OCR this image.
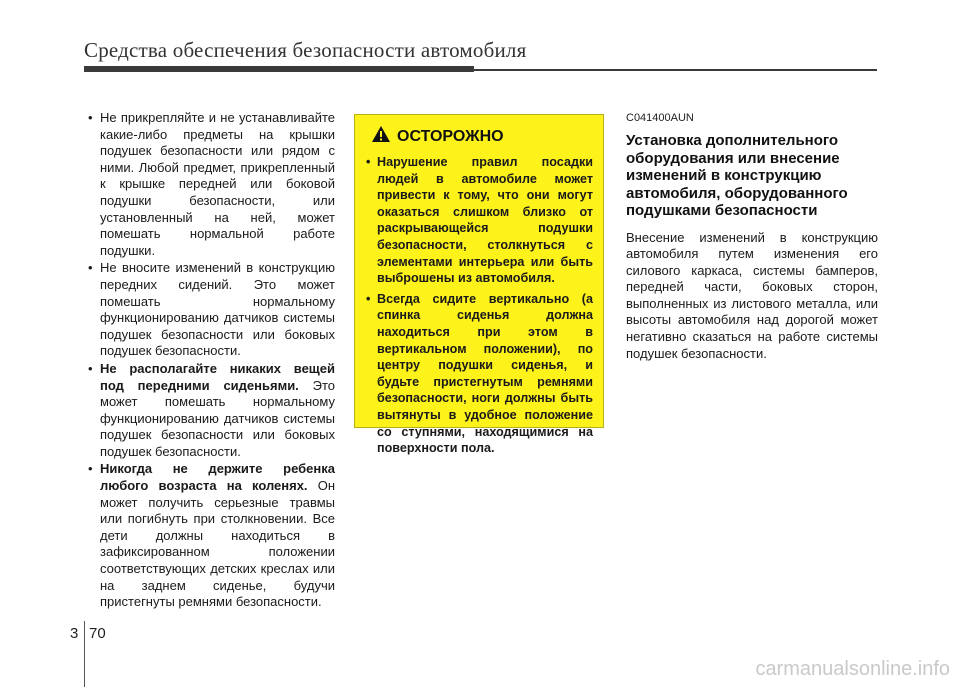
Средства обеспечения безопасности автомобиля

• Не прикрепляйте и не устанавливайте какие-либо предметы на крышки подушек безопасности или рядом с ними. Любой предмет, прикрепленный к крышке передней или боковой подушки безопасности, или установленный на ней, может помешать нормальной работе подушки.

• Не вносите изменений в конструкцию передних сидений. Это может помешать нормальному функционированию датчиков системы подушек безопасности или боковых подушек безопасности.

• Не располагайте никаких вещей под передними сиденьями. Это может помешать нормальному функционированию датчиков системы подушек безопасности или боковых подушек безопасности.

• Никогда не держите ребенка любого возраста на коленях. Он может получить серьезные травмы или погибнуть при столкновении. Все дети должны находиться в зафиксированном положении соответствующих детских креслах или на заднем сиденье, будучи пристегнуты ремнями безопасности.

ОСТОРОЖНО
• Нарушение правил посадки людей в автомобиле может привести к тому, что они могут оказаться слишком близко от раскрывающейся подушки безопасности, столкнуться с элементами интерьера или быть выброшены из автомобиля.
• Всегда сидите вертикально (а спинка сиденья должна находиться при этом в вертикальном положении), по центру подушки сиденья, и будьте пристегнутым ремнями безопасности, ноги должны быть вытянуты в удобное положение со ступнями, находящимися на поверхности пола.
C041400AUN
Установка дополнительного оборудования или внесение изменений в конструкцию автомобиля, оборудованного подушками безопасности
Внесение изменений в конструкцию автомобиля путем изменения его силового каркаса, системы бамперов, передней части, боковых сторон, выполненных из листового металла, или высоты автомобиля над дорогой может негативно сказаться на работе системы подушек безопасности.
3 70
carmanualsonline.info
